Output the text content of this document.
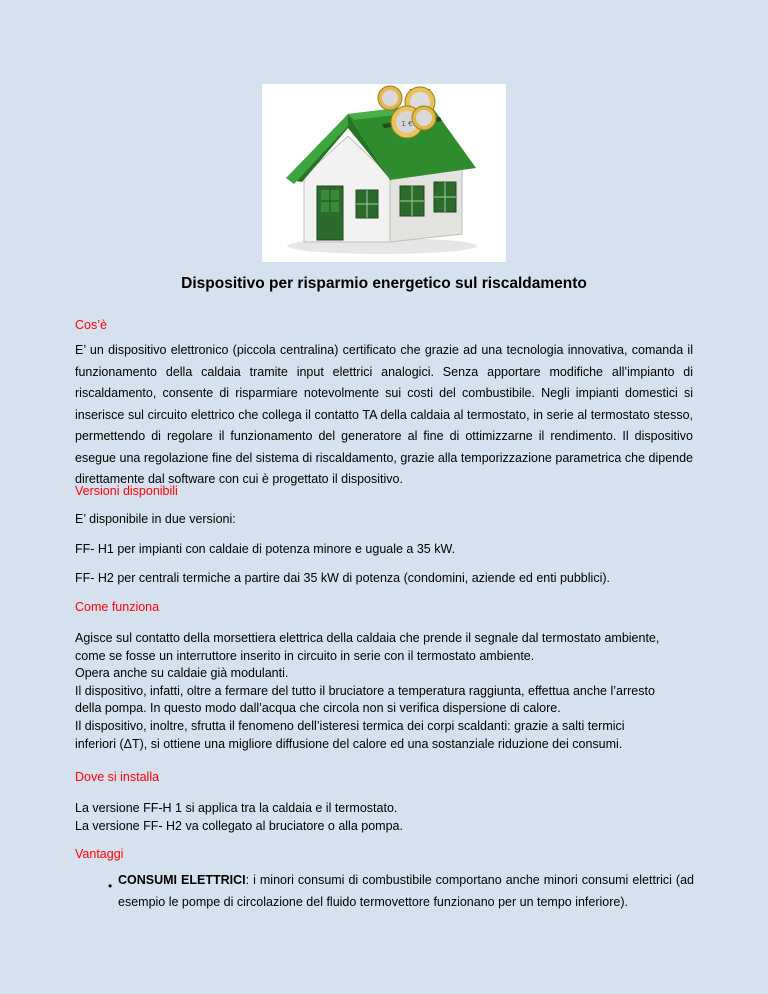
1 €
Dispositivo per risparmio energetico sul riscaldamento
Cos’è
E’ un dispositivo elettronico (piccola centralina) certificato che grazie ad una tecnologia innovativa, comanda il funzionamento della caldaia tramite input elettrici analogici. Senza apportare modifiche all’impianto di riscaldamento, consente di risparmiare notevolmente sui costi del combustibile. Negli impianti domestici si inserisce sul circuito elettrico che collega il contatto TA della caldaia al termostato, in serie al termostato stesso, permettendo di regolare il funzionamento del generatore al fine di ottimizzarne il rendimento. Il dispositivo esegue una regolazione fine del sistema di riscaldamento, grazie alla temporizzazione parametrica che dipende direttamente dal software con cui è progettato il dispositivo.
Versioni disponibili
E’ disponibile in due versioni:
FF- H1 per impianti con caldaie di potenza minore e uguale a 35 kW.
FF- H2 per centrali termiche a partire dai 35 kW di potenza (condomini, aziende ed enti pubblici).
Come funziona
Agisce sul contatto della morsettiera elettrica della caldaia che prende il segnale dal termostato ambiente,
come se fosse un interruttore inserito in circuito in serie con il termostato ambiente.
Opera anche su caldaie già modulanti.
Il dispositivo, infatti, oltre a fermare del tutto il bruciatore a temperatura raggiunta, effettua anche l’arresto
della pompa. In questo modo dall’acqua che circola non si verifica dispersione di calore.
Il dispositivo, inoltre, sfrutta il fenomeno dell’isteresi termica dei corpi scaldanti: grazie a salti termici
inferiori (ΔT), si ottiene una migliore diffusione del calore ed una sostanziale riduzione dei consumi.
Dove si installa
La versione FF-H 1 si applica tra la caldaia e il termostato.
La versione FF- H2 va collegato al bruciatore o alla pompa.
Vantaggi
• CONSUMI ELETTRICI: i minori consumi di combustibile comportano anche minori consumi elettrici (ad esempio le pompe di circolazione del fluido termovettore funzionano per un tempo inferiore).
